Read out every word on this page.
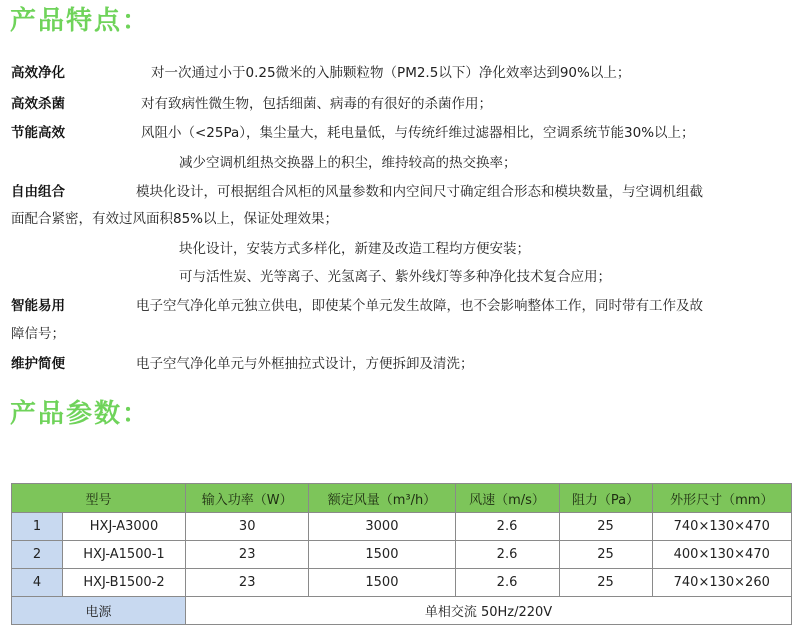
产品特点：
高效净化	对一次通过小于0.25微米的入肺颗粒物（PM2.5以下）净化效率达到90%以上；
高效杀菌	对有致病性微生物，包括细菌、病毒的有很好的杀菌作用；
节能高效	风阻小（<25Pa），集尘量大，耗电量低，与传统纤维过滤器相比，空调系统节能30%以上；
减少空调机组热交换器上的积尘，维持较高的热交换率；
自由组合	模块化设计，可根据组合风柜的风量参数和内空间尺寸确定组合形态和模块数量，与空调机组截
面配合紧密，有效过风面积85%以上，保证处理效果；
块化设计，安装方式多样化，新建及改造工程均方便安装；
可与活性炭、光等离子、光氢离子、紫外线灯等多种净化技术复合应用；
智能易用	电子空气净化单元独立供电，即使某个单元发生故障，也不会影响整体工作，同时带有工作及故
障信号；
维护简便	电子空气净化单元与外框抽拉式设计，方便拆卸及清洗；
产品参数：
型号		输入功率（W）	额定风量（m³/h）	风速（m/s）	阻力（Pa）	外形尺寸（mm）
1	HXJ-A3000	30	3000	2.6	25	740×130×470
2	HXJ-A1500-1	23	1500	2.6	25	400×130×470
4	HXJ-B1500-2	23	1500	2.6	25	740×130×260
电源		单相交流 50Hz/220V				
